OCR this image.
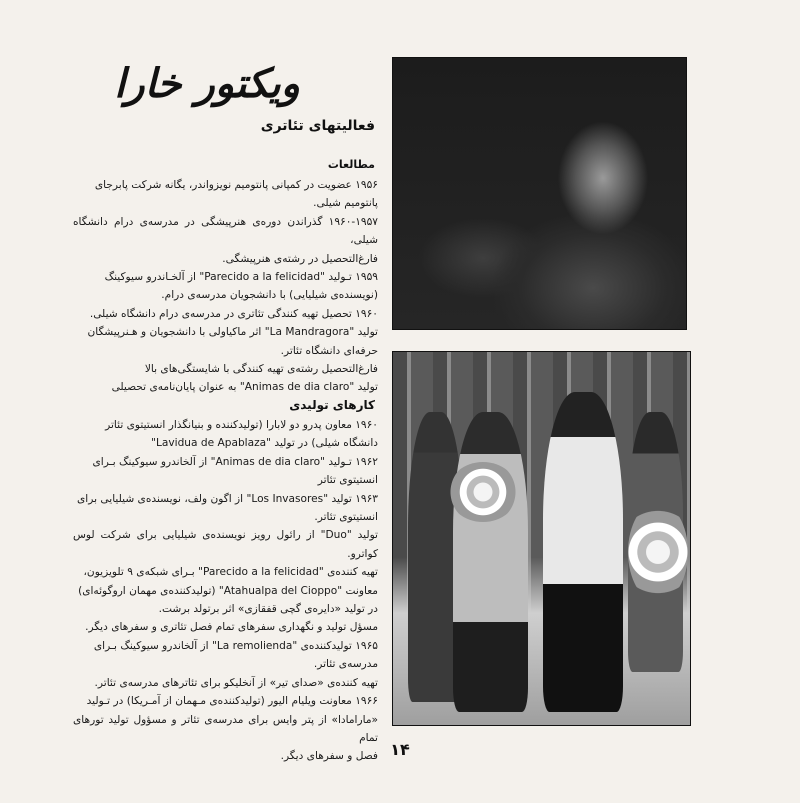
ویکتور خارا
فعالیتهای تئاتری
مطالعات
۱۹۵۶ عضویت در کمپانی پانتومیم نویزواندر، یگانه شرکت پابرجای
پانتومیم شیلی.
۱۹۶۰-۱۹۵۷ گذراندن دوره‌ی هنرپیشگی در مدرسه‌ی درام دانشگاه شیلی،
فارغ‌التحصیل در رشته‌ی هنرپیشگی.
۱۹۵۹ تـولید "Parecido a la felicidad" از آلخـاندرو سیوکینگ
(نویسنده‌ی شیلیایی) با دانشجویان مدرسه‌ی درام.
۱۹۶۰ تحصیل تهیه کنندگی تئاتری در مدرسه‌ی درام دانشگاه شیلی.
تولید "La Mandragora" اثر ماکیاولی با دانشجویان و هـنرپیشگان
حرفه‌ای دانشگاه تئاتر.
فارغ‌التحصیل رشته‌ی تهیه کنندگی با شایستگی‌های بالا
تولید "Animas de dia claro" به عنوان پایان‌نامه‌ی تحصیلی
کارهای تولیدی
۱۹۶۰ معاون پدرو دو لابارا (تولیدکننده و بنیانگذار انستیتوی تئاتر
دانشگاه شیلی) در تولید "Lavidua de Apablaza"
۱۹۶۲ تـولید "Animas de dia claro" از آلخاندرو سیوکینگ بـرای
انستیتوی تئاتر
۱۹۶۳ تولید "Los Invasores" از اگون ولف، نویسنده‌ی شیلیایی برای
انستیتوی تئاتر.
تولید "Duo" از رائول رویز نویسنده‌ی شیلیایی برای شرکت لوس کواترو.
تهیه کننده‌ی "Parecido a la felicidad" بـرای شبکه‌ی ۹ تلویزیون،
معاونت "Atahualpa del Cioppo" (تولیدکننده‌ی مهمان اروگوئه‌ای)
در تولید «دایره‌ی گچی قفقازی» اثر برتولد برشت.
مسؤل تولید و نگهداری سفرهای تمام فصل تئاتری و سفرهای دیگر.
۱۹۶۵ تولیدکننده‌ی "La remolienda" از آلخاندرو سیوکینگ بـرای
مدرسه‌ی تئاتر.
تهیه کننده‌ی «صدای تیر» از آنخلیکو برای تئاترهای مدرسه‌ی تئاتر.
۱۹۶۶ معاونت ویلیام الیور (تولیدکننده‌ی مـهمان از آمـریکا) در تـولید
«مارامادا» از پتر وایس برای مدرسه‌ی تئاتر و مسؤول تولید تورهای تمام
فصل و سفرهای دیگر. ۱۴
